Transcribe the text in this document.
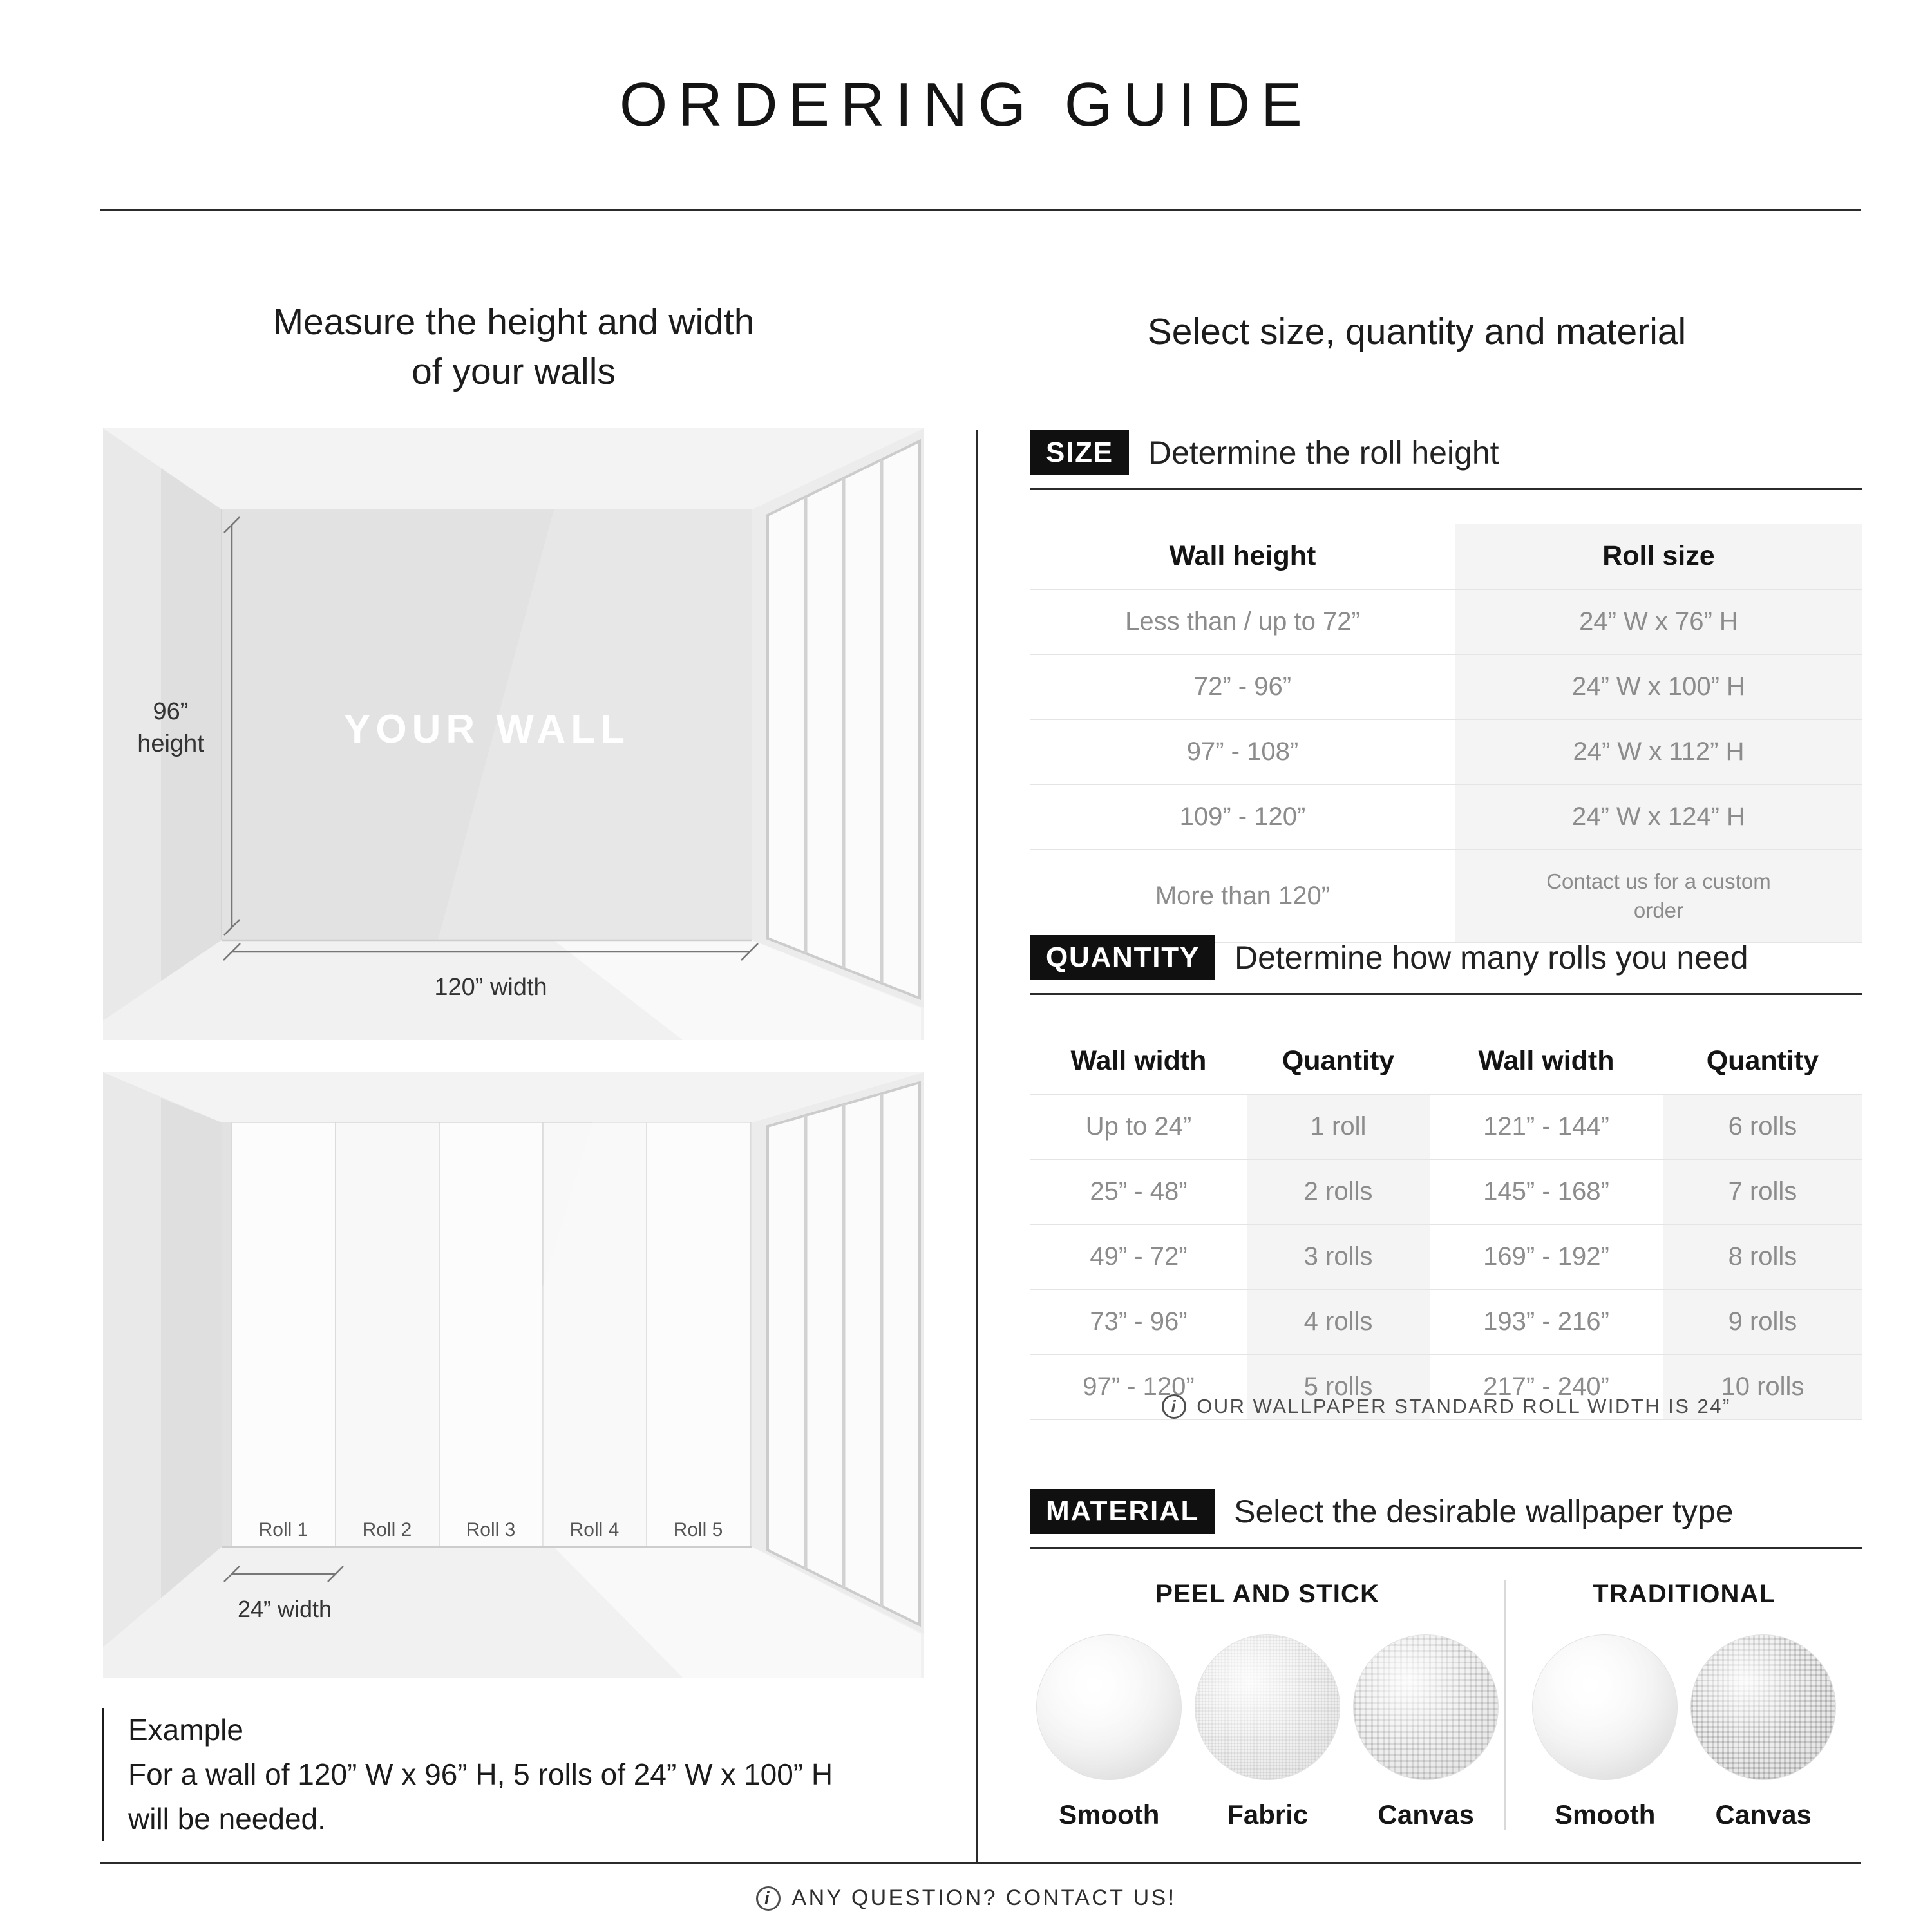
ORDERING GUIDE
Measure the height and width
of your walls
Select size, quantity and material
YOUR WALL
96”
height
120” width
Roll 1	Roll 2	Roll 3	Roll 4	Roll 5
24” width
Example
For a wall of 120” W x 96” H, 5 rolls of 24” W x 100” H
will be needed.
SIZE	Determine the roll height
Wall height	Roll size
Less than / up to 72”	24” W x 76” H
72” - 96”	24” W x 100” H
97” - 108”	24” W x 112” H
109” - 120”	24” W x 124” H
More than 120”	Contact us for a custom order
QUANTITY	Determine how many rolls you need
Wall width	Quantity	Wall width	Quantity
Up to 24”	1 roll	121” - 144”	6 rolls
25” - 48”	2 rolls	145” - 168”	7 rolls
49” - 72”	3 rolls	169” - 192”	8 rolls
73” - 96”	4 rolls	193” - 216”	9 rolls
97” - 120”	5 rolls	217” - 240”	10 rolls
i OUR WALLPAPER STANDARD ROLL WIDTH IS 24”
MATERIAL	Select the desirable wallpaper type
PEEL AND STICK
Smooth Fabric	Canvas
TRADITIONAL
Smooth Canvas
i ANY QUESTION? CONTACT US!
